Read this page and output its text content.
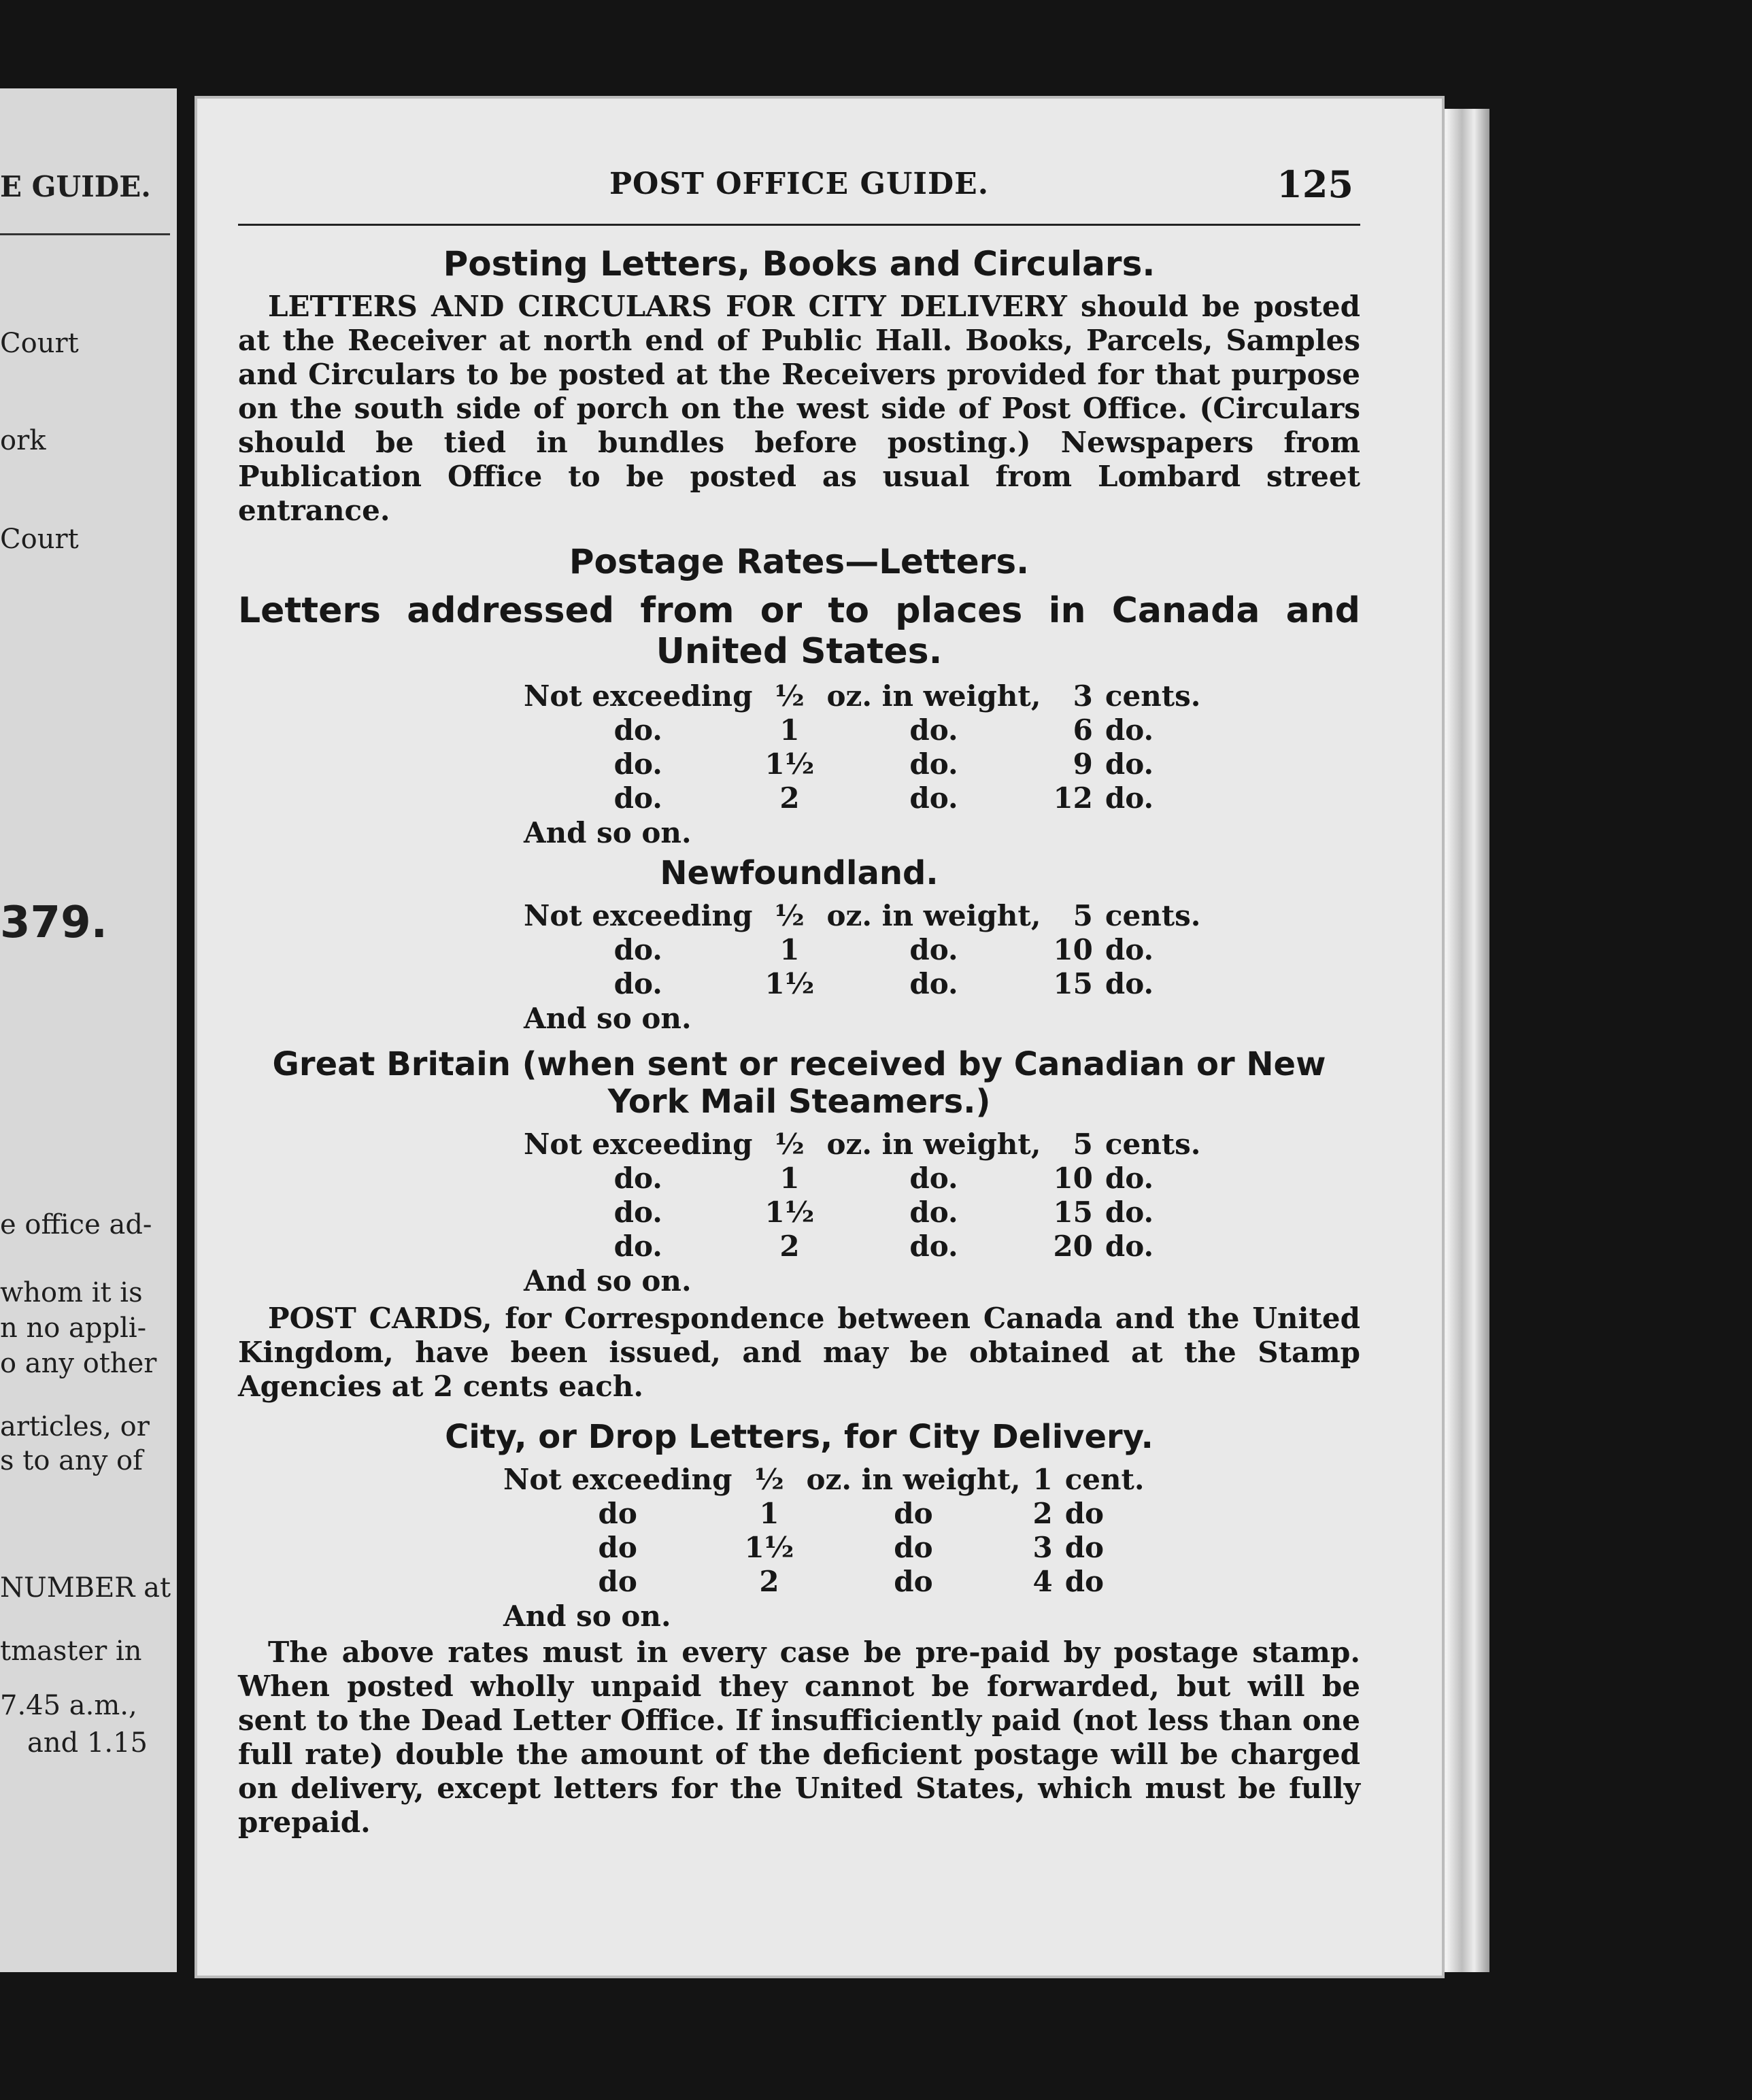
E GUIDE.
Court
ork
Court
379.
e office ad-
whom it is
n no appli-
o any other
articles, or
s to any of
NUMBER at
tmaster in
7.45 a.m.,
and 1.15
POST OFFICE GUIDE.	125
Posting Letters, Books and Circulars.

LETTERS AND CIRCULARS FOR CITY DELIVERY should be posted at the Receiver at north end of Public Hall. Books, Parcels, Samples and Circulars to be posted at the Receivers provided for that purpose on the south side of porch on the west side of Post Office. (Circulars should be tied in bundles before posting.) Newspapers from Publication Office to be posted as usual from Lombard street entrance.

Postage Rates—Letters.
Letters addressed from or to places in Canada and United States.
Not exceeding	½	oz. in weight,	3	cents.
do.	1	do.	6	do.
do.	1½	do.	9	do.
do.	2	do.	12	do.
And so on.
Newfoundland.
Not exceeding	½	oz. in weight,	5	cents.
do.	1	do.	10	do.
do.	1½	do.	15	do.
And so on.
Great Britain (when sent or received by Canadian or New York Mail Steamers.)
Not exceeding	½	oz. in weight,	5	cents.
do.	1	do.	10	do.
do.	1½	do.	15	do.
do.	2	do.	20	do.
And so on.

POST CARDS, for Correspondence between Canada and the United Kingdom, have been issued, and may be obtained at the Stamp Agencies at 2 cents each.

City, or Drop Letters, for City Delivery.
Not exceeding	½	oz. in weight,	1	cent.
do	1	do	2	do
do	1½	do	3	do
do	2	do	4	do
And so on.

The above rates must in every case be pre-paid by postage stamp. When posted wholly unpaid they cannot be forwarded, but will be sent to the Dead Letter Office. If insufficiently paid (not less than one full rate) double the amount of the deficient postage will be charged on delivery, except letters for the United States, which must be fully prepaid.
